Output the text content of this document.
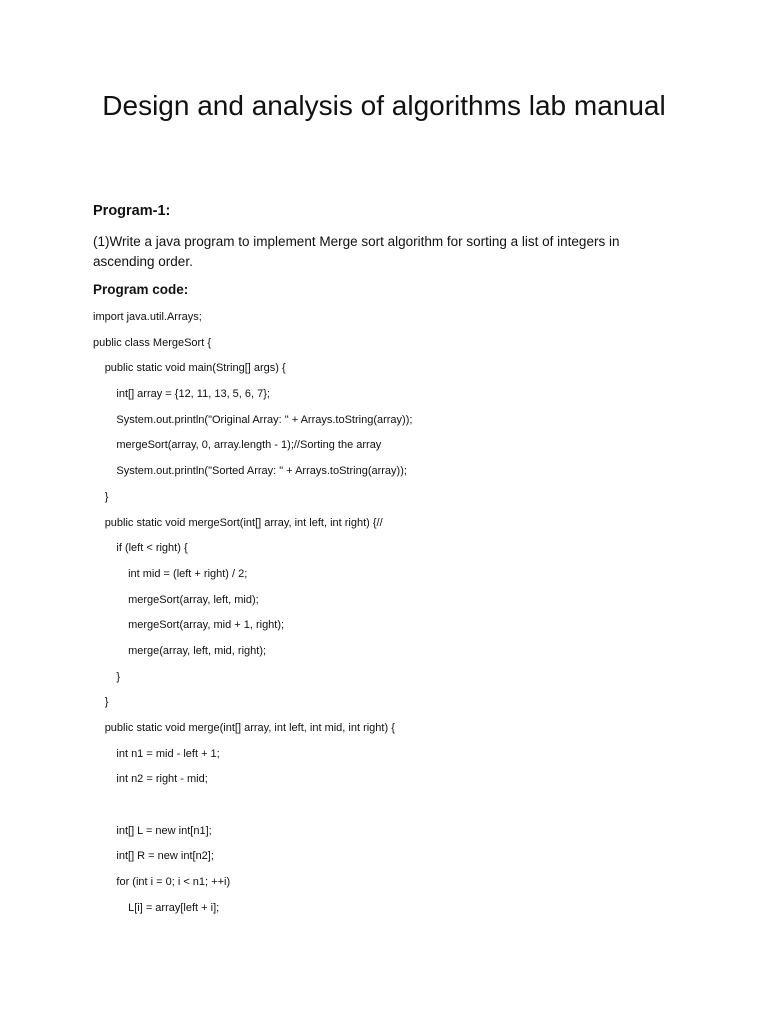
Design and analysis of algorithms lab manual
Program-1:
(1)Write a java program to implement Merge sort algorithm for sorting a list of integers in ascending order.
Program code:
import java.util.Arrays;
public class MergeSort {
public static void main(String[] args) {
int[] array = {12, 11, 13, 5, 6, 7};
System.out.println("Original Array: " + Arrays.toString(array));
mergeSort(array, 0, array.length - 1);//Sorting the array
System.out.println("Sorted Array: " + Arrays.toString(array));
}
public static void mergeSort(int[] array, int left, int right) {//
if (left < right) {
int mid = (left + right) / 2;
mergeSort(array, left, mid);
mergeSort(array, mid + 1, right);
merge(array, left, mid, right);
}
}
public static void merge(int[] array, int left, int mid, int right) {
int n1 = mid - left + 1;
int n2 = right - mid;
int[] L = new int[n1];
int[] R = new int[n2];
for (int i = 0; i < n1; ++i)
L[i] = array[left + i];
